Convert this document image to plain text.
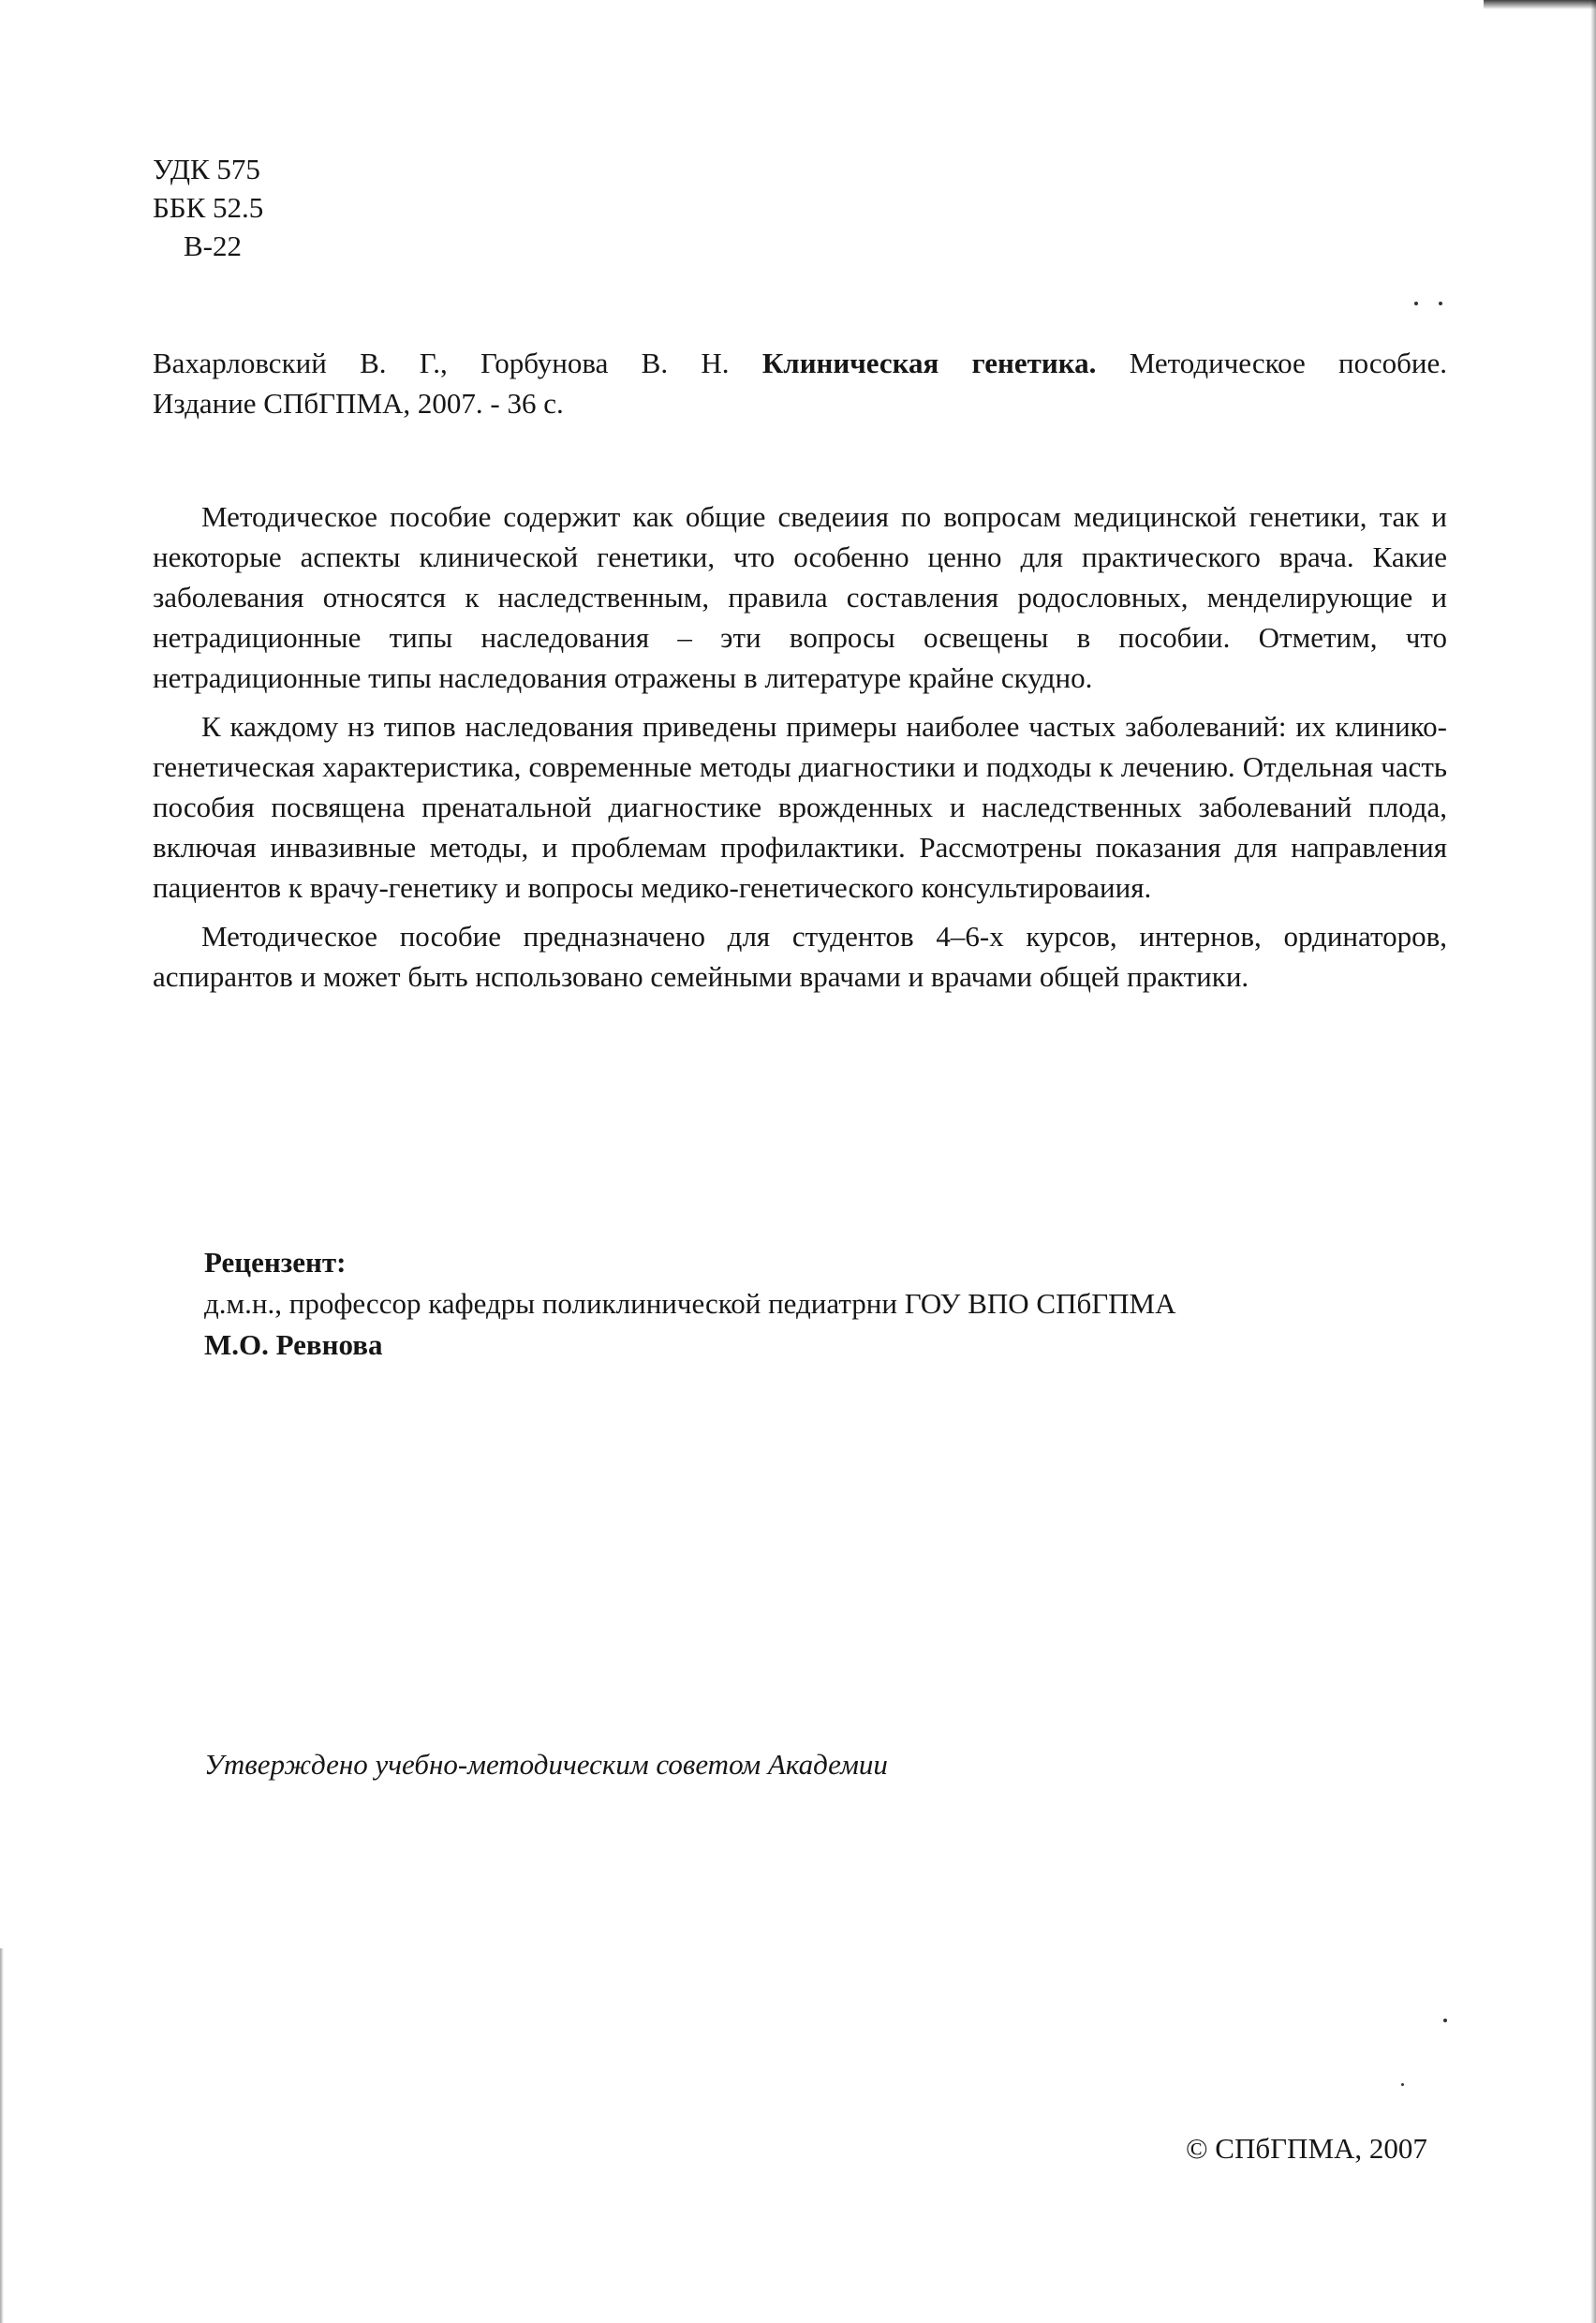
УДК 575
ББК 52.5
В-22

Вахарловский В. Г., Горбунова В. Н. Клиническая генетика. Методическое пособие.

Издание СПбГПМА, 2007. - 36 с.

Методическое пособие содержит как общие сведеиия по вопросам медицинской генетики, так и некоторые аспекты клинической генетики, что особенно ценно для практического врача. Какие заболевания относятся к наследственным, правила составления родословных, менделирующие и нетрадиционные типы наследования – эти вопросы освещены в пособии. Отметим, что нетрадиционные типы наследования отражены в литературе крайне скудно.

К каждому нз типов наследования приведены примеры наиболее частых заболеваний: их клинико-генетическая характеристика, современные методы диагностики и подходы к лечению. Отдельная часть пособия посвящена пренатальной диагностике врожденных и наследственных заболеваний плода, включая инвазивные методы, и проблемам профилактики. Рассмотрены показания для направления пациентов к врачу-генетику и вопросы медико-генетического консультироваиия.

Методическое пособие предназначено для студентов 4–6-х курсов, интернов, ординаторов, аспирантов и может быть нспользовано семейными врачами и врачами общей практики.

Рецензент:
д.м.н., профессор кафедры поликлинической педиатрни ГОУ ВПО СПбГПМА
М.О. Ревнова
Утверждено учебно-методическим советом Академии
© СПбГПМА, 2007
